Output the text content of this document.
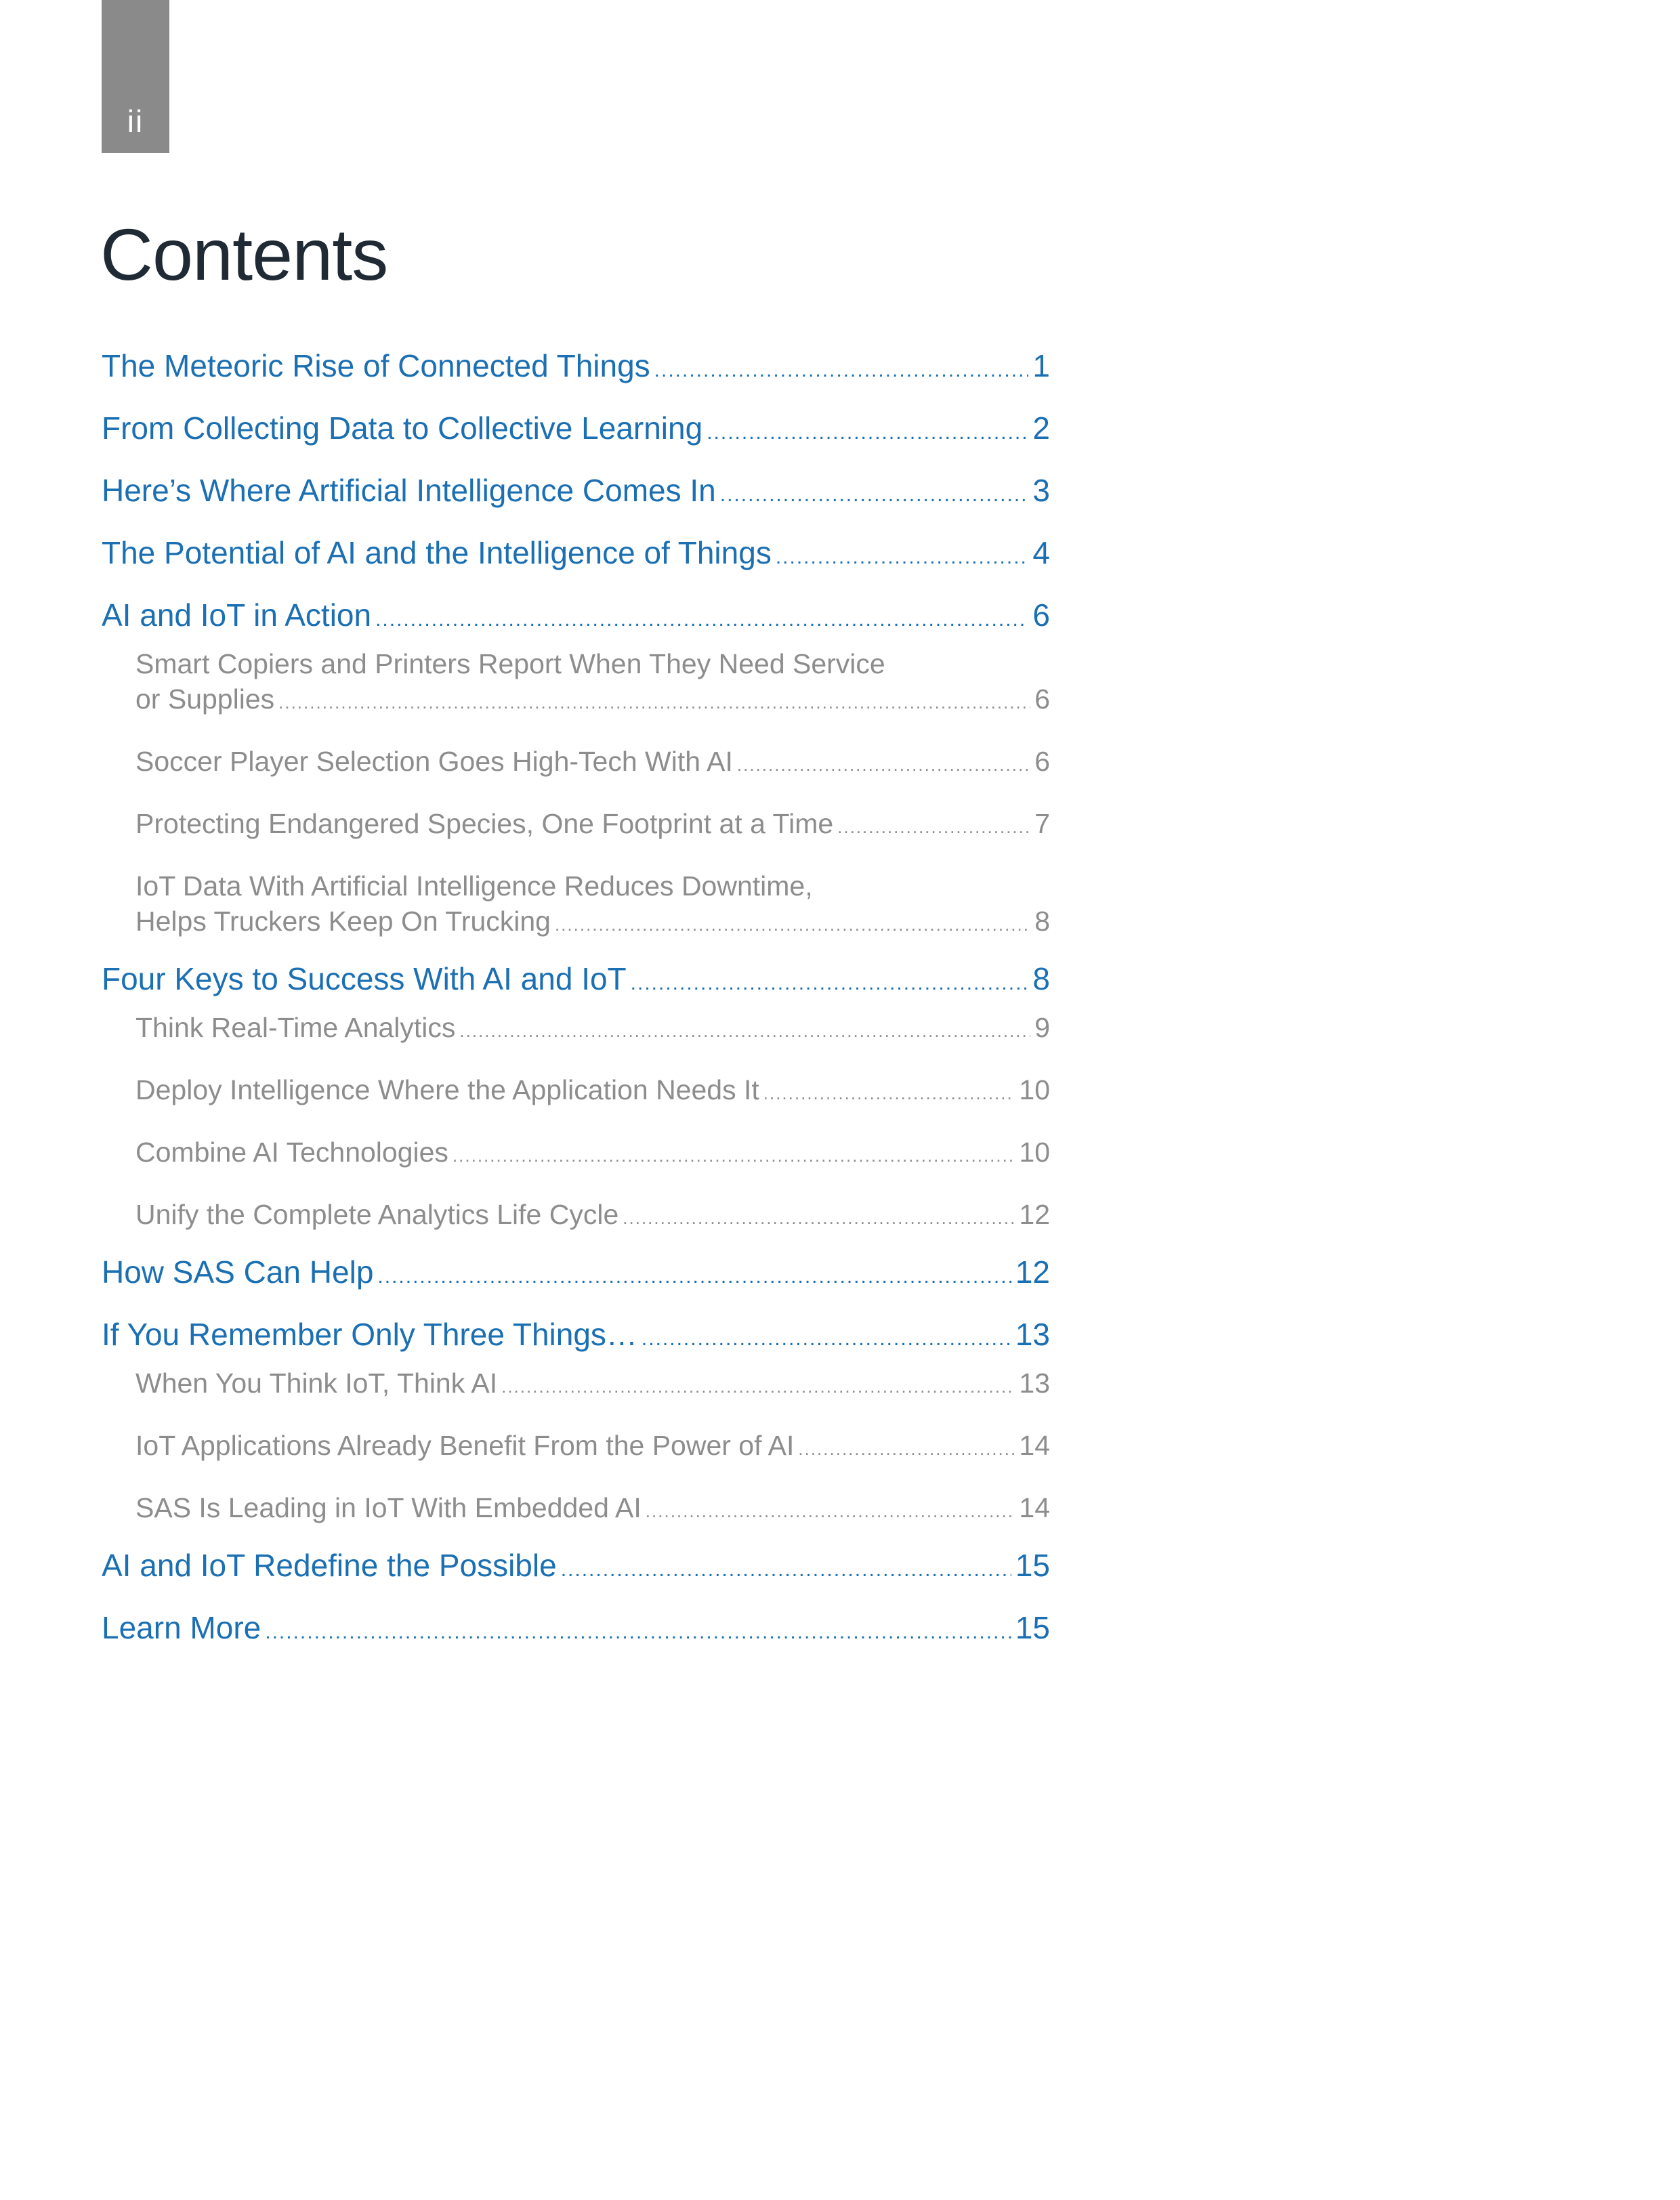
ii
Contents
The Meteoric Rise of Connected Things .....	1
From Collecting Data to Collective Learning .....	2
Here’s Where Artificial Intelligence Comes In .....	3
The Potential of AI and the Intelligence of Things .....	4
AI and IoT in Action .....	6
Smart Copiers and Printers Report When They Need Service
or Supplies .....	6
Soccer Player Selection Goes High-Tech With AI .....	6
Protecting Endangered Species, One Footprint at a Time .....	7
IoT Data With Artificial Intelligence Reduces Downtime,
Helps Truckers Keep On Trucking .....	8
Four Keys to Success With AI and IoT .....	8
Think Real-Time Analytics .....	9
Deploy Intelligence Where the Application Needs It .....	10
Combine AI Technologies .....	10
Unify the Complete Analytics Life Cycle .....	12
How SAS Can Help .....	12
If You Remember Only Three Things… .....	13
When You Think IoT, Think AI .....	13
IoT Applications Already Benefit From the Power of AI .....	14
SAS Is Leading in IoT With Embedded AI .....	14
AI and IoT Redefine the Possible .....	15
Learn More .....	15
